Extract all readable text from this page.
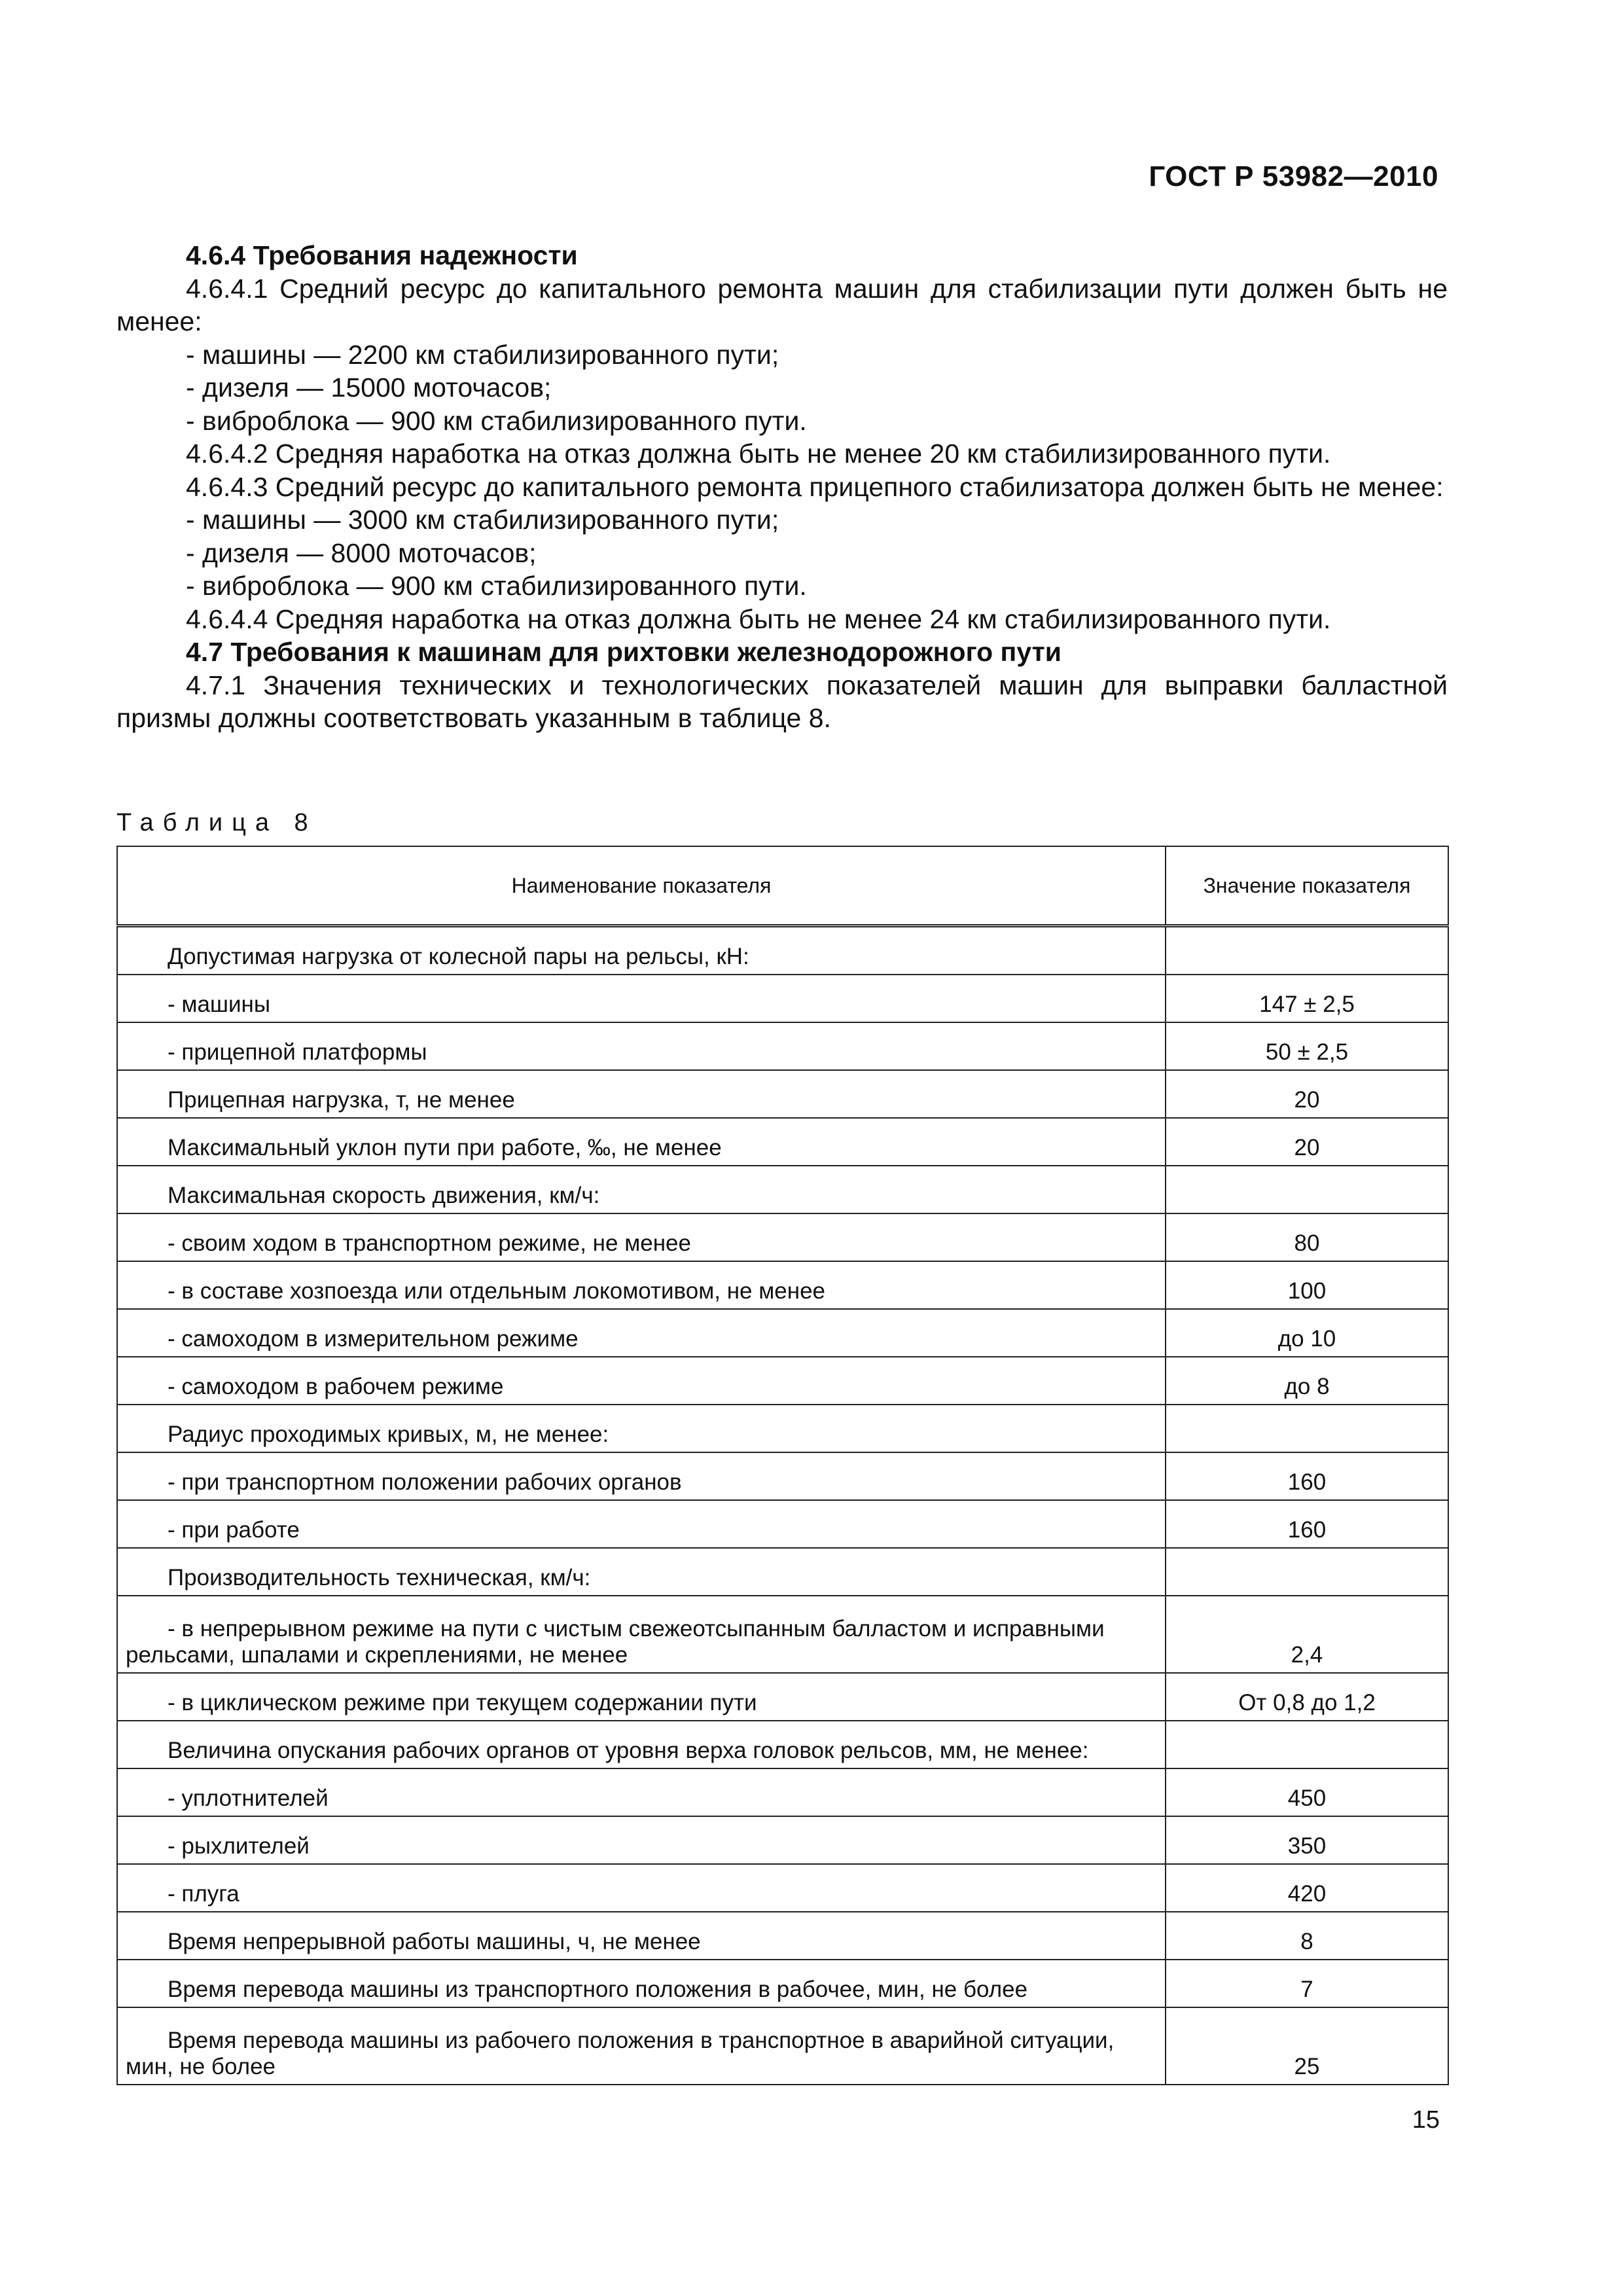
ГОСТ Р 53982—2010

4.6.4 Требования надежности

4.6.4.1 Средний ресурс до капитального ремонта машин для стабилизации пути должен быть не менее:

- машины — 2200 км стабилизированного пути;

- дизеля — 15000 моточасов;

- виброблока — 900 км стабилизированного пути.

4.6.4.2 Средняя наработка на отказ должна быть не менее 20 км стабилизированного пути.

4.6.4.3 Средний ресурс до капитального ремонта прицепного стабилизатора должен быть не менее:

- машины — 3000 км стабилизированного пути;

- дизеля — 8000 моточасов;

- виброблока — 900 км стабилизированного пути.

4.6.4.4 Средняя наработка на отказ должна быть не менее 24 км стабилизированного пути.

4.7 Требования к машинам для рихтовки железнодорожного пути

4.7.1 Значения технических и технологических показателей машин для выправки балластной призмы должны соответствовать указанным в таблице 8.

Таблица 8
Наименование показателя	Значение показателя
Допустимая нагрузка от колесной пары на рельсы, кН:	
- машины	147 ± 2,5
- прицепной платформы	50 ± 2,5
Прицепная нагрузка, т, не менее	20
Максимальный уклон пути при работе, ‰, не менее	20
Максимальная скорость движения, км/ч:	
- своим ходом в транспортном режиме, не менее	80
- в составе хозпоезда или отдельным локомотивом, не менее	100
- самоходом в измерительном режиме	до 10
- самоходом в рабочем режиме	до 8
Радиус проходимых кривых, м, не менее:	
- при транспортном положении рабочих органов	160
- при работе	160
Производительность техническая, км/ч:	
- в непрерывном режиме на пути с чистым свежеотсыпанным балластом и исправными рельсами, шпалами и скреплениями, не менее	2,4
- в циклическом режиме при текущем содержании пути	От 0,8 до 1,2
Величина опускания рабочих органов от уровня верха головок рельсов, мм, не менее:	
- уплотнителей	450
- рыхлителей	350
- плуга	420
Время непрерывной работы машины, ч, не менее	8
Время перевода машины из транспортного положения в рабочее, мин, не более	7
Время перевода машины из рабочего положения в транспортное в аварийной ситуации, мин, не более	25
15
